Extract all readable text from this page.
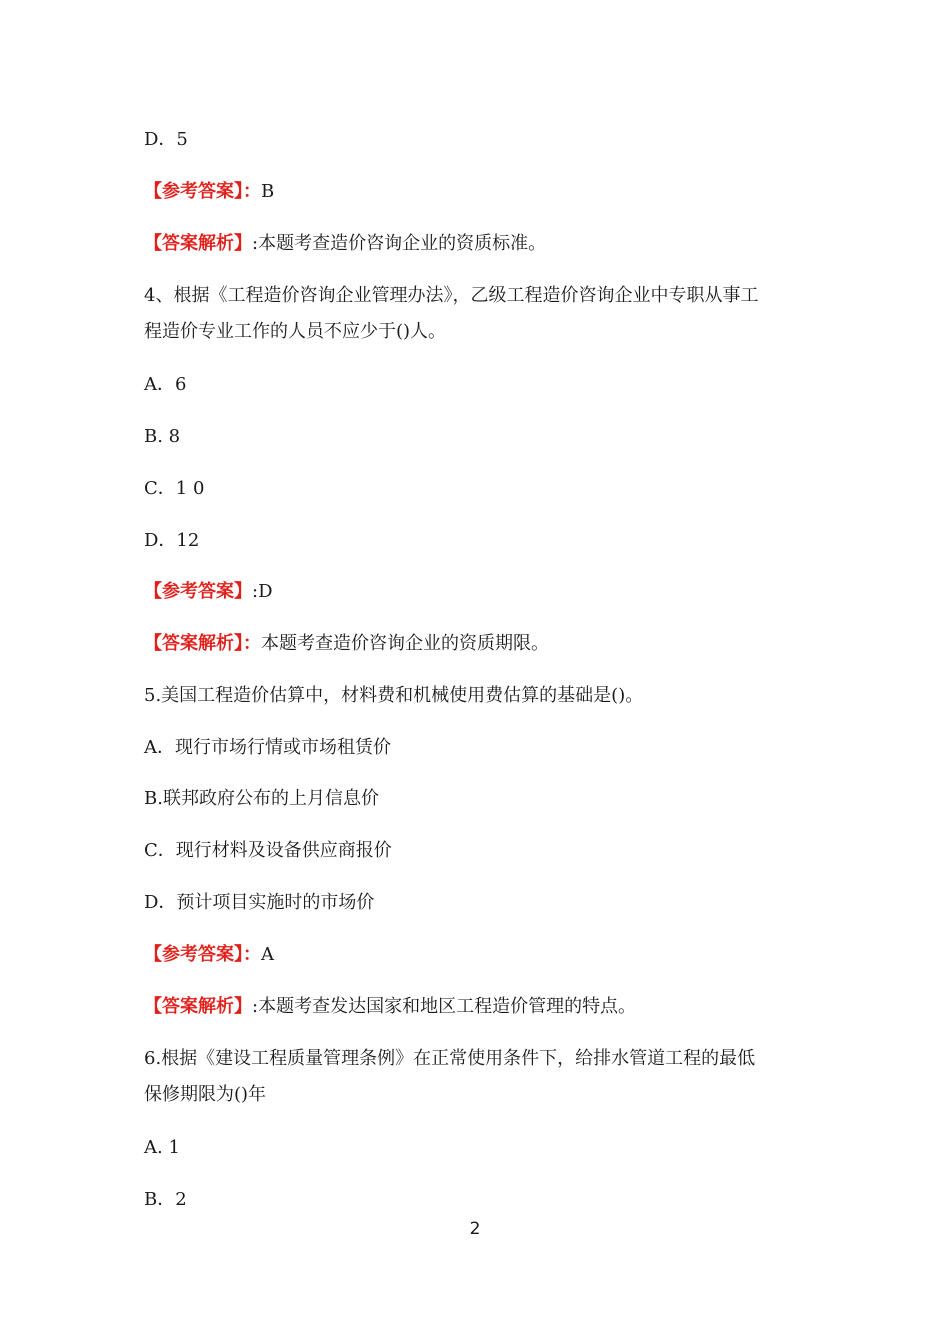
D．5
【参考答案】：B
【答案解析】:本题考查造价咨询企业的资质标准。
4、根据《工程造价咨询企业管理办法》，乙级工程造价咨询企业中专职从事工
程造价专业工作的人员不应少于()人。
A．6
B. 8
C．1 0
D．12
【参考答案】:D
【答案解析】：本题考查造价咨询企业的资质期限。
5.美国工程造价估算中，材料费和机械使用费估算的基础是()。
A．现行市场行情或市场租赁价
B.联邦政府公布的上月信息价
C．现行材料及设备供应商报价
D．预计项目实施时的市场价
【参考答案】：A
【答案解析】:本题考查发达国家和地区工程造价管理的特点。
6.根据《建设工程质量管理条例》在正常使用条件下，给排水管道工程的最低
保修期限为()年
A. 1
B．2
2
